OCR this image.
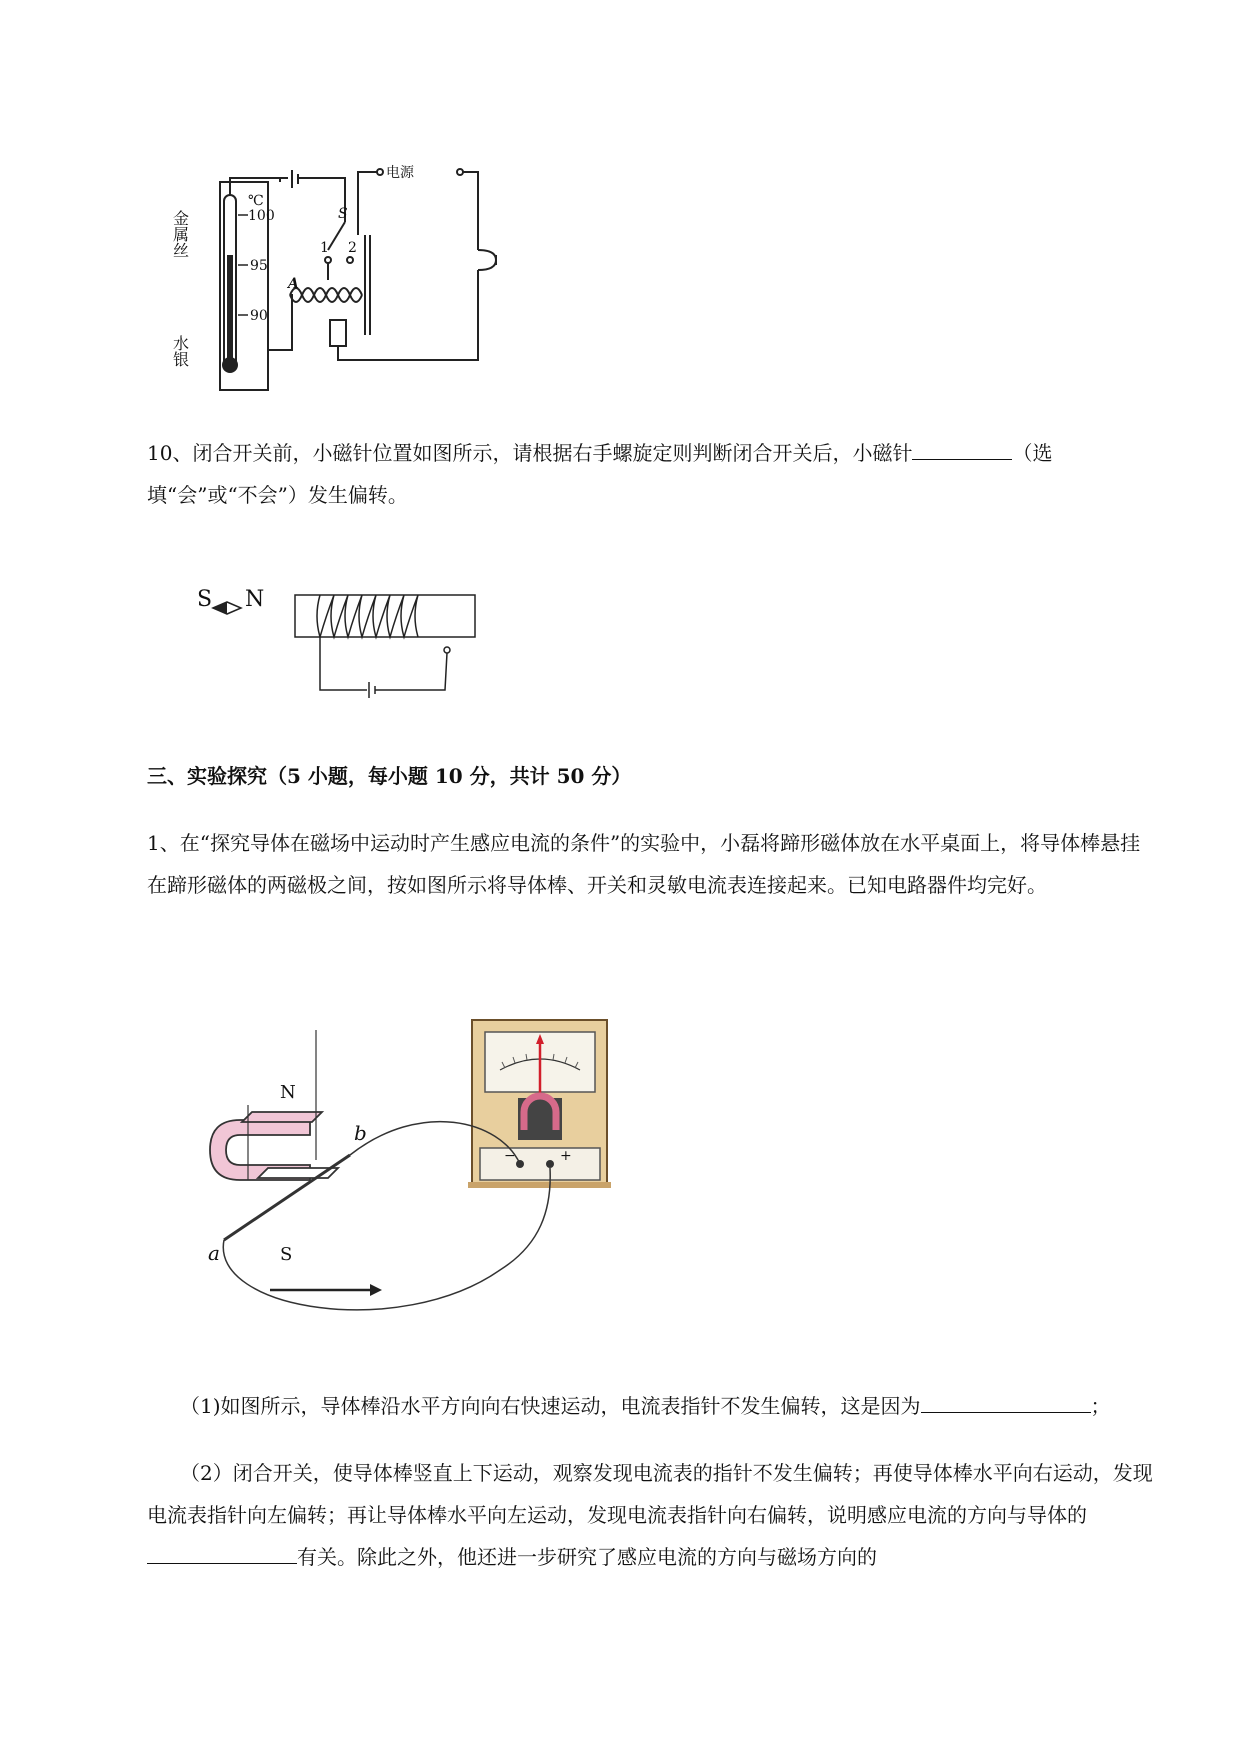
℃
100
95
90
金属丝
水银
电源
S
1 2
A

10、闭合开关前，小磁针位置如图所示，请根据右手螺旋定则判断闭合开关后，小磁针	（选填“会”或“不会”）发生偏转。

S N

三、实验探究（5 小题，每小题 10 分，共计 50 分）

1、在“探究导体在磁场中运动时产生感应电流的条件”的实验中，小磊将蹄形磁体放在水平桌面上，将导体棒悬挂在蹄形磁体的两磁极之间，按如图所示将导体棒、开关和灵敏电流表连接起来。已知电路器件均完好。

−	+
N
S
a
b

（1)如图所示，导体棒沿水平方向向右快速运动，电流表指针不发生偏转，这是因为	；

（2）闭合开关，使导体棒竖直上下运动，观察发现电流表的指针不发生偏转；再使导体棒水平向右运动，发现电流表指针向左偏转；再让导体棒水平向左运动，发现电流表指针向右偏转，说明感应电流的方向与导体的有关。除此之外，他还进一步研究了感应电流的方向与磁场方向的
